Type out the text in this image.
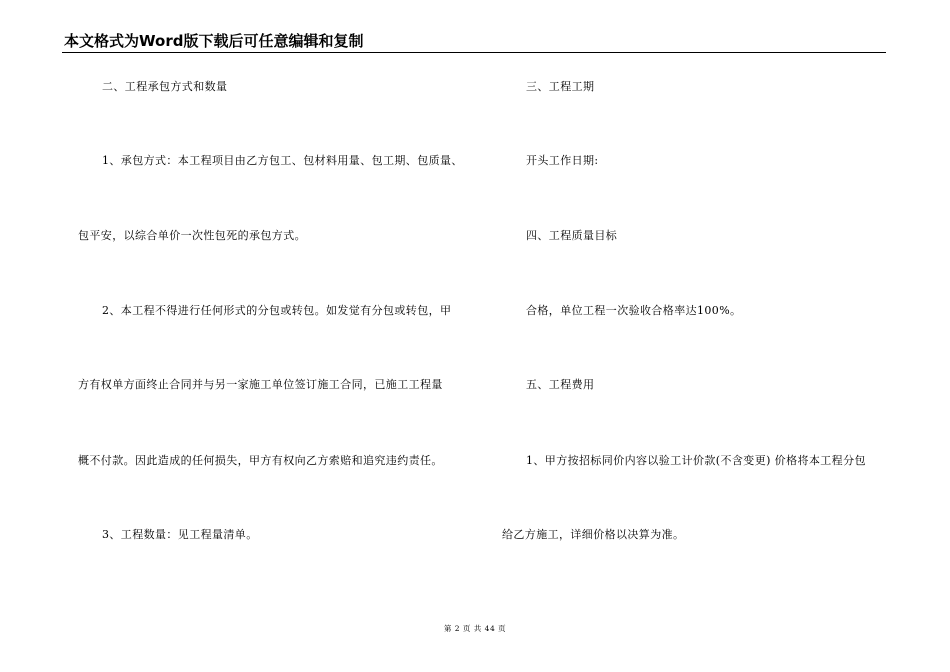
本文格式为Word版下载后可任意编辑和复制
二、工程承包方式和数量
1、承包方式：本工程项目由乙方包工、包材料用量、包工期、包质量、
包平安，以综合单价一次性包死的承包方式。
2、本工程不得进行任何形式的分包或转包。如发觉有分包或转包，甲
方有权单方面终止合同并与另一家施工单位签订施工合同，已施工工程量
概不付款。因此造成的任何损失，甲方有权向乙方索赔和追究违约责任。
3、工程数量：见工程量清单。
三、工程工期
开头工作日期:
四、工程质量目标
合格，单位工程一次验收合格率达100%。
五、工程费用
1、甲方按招标同价内容以验工计价款(不含变更) 价格将本工程分包
给乙方施工，详细价格以决算为准。
第 2 页 共 44 页
